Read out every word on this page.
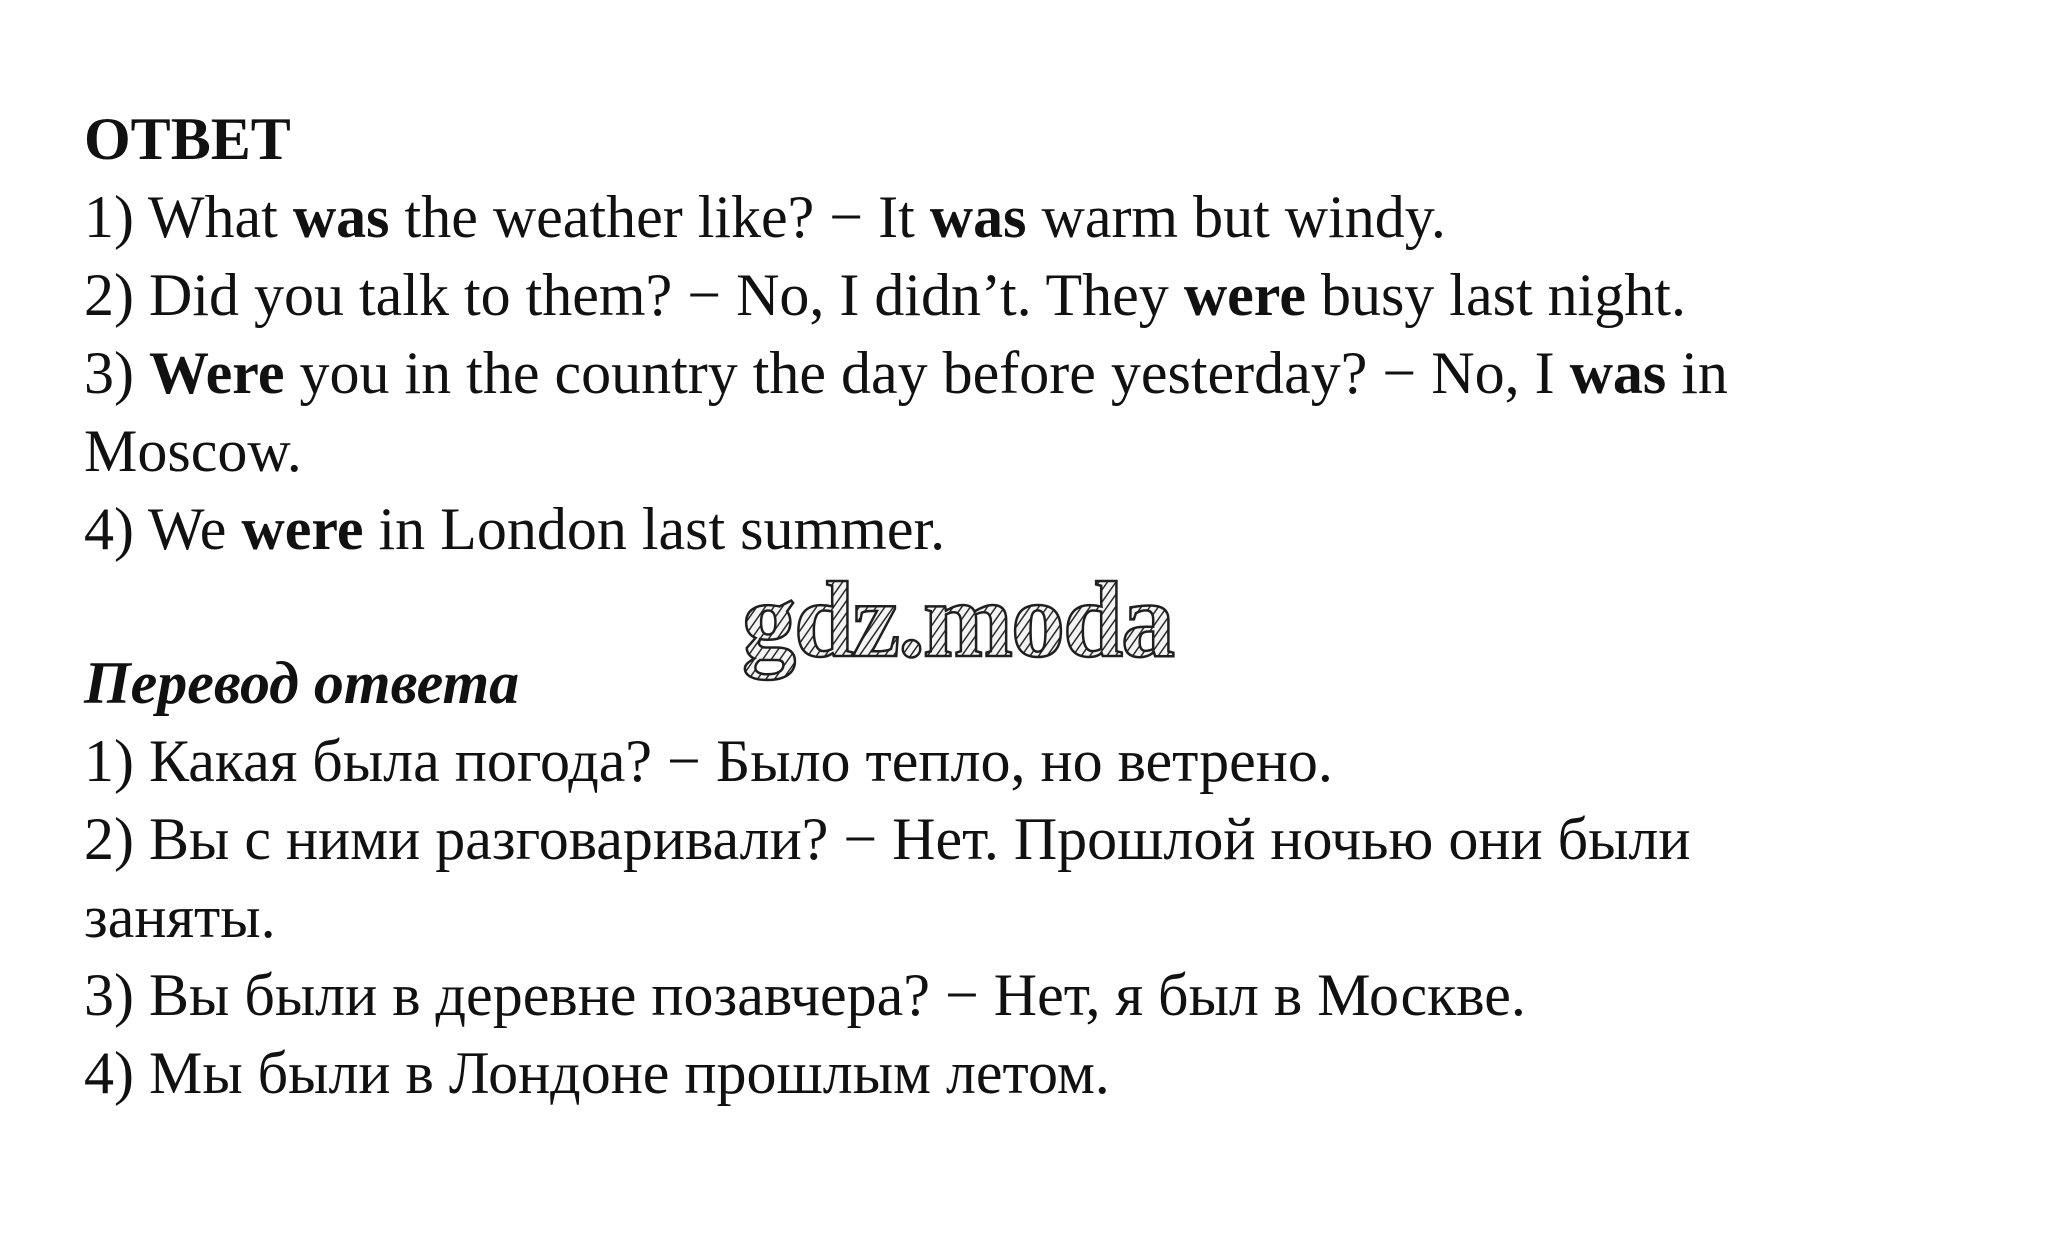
ОТВЕТ
1) What was the weather like? − It was warm but windy.
2) Did you talk to them? − No, I didn’t. They were busy last night.
3) Were you in the country the day before yesterday? − No, I was in
Moscow.
4) We were in London last summer.
Перевод ответа
1) Какая была погода? − Было тепло, но ветрено.
2) Вы с ними разговаривали? − Нет. Прошлой ночью они были
заняты.
3) Вы были в деревне позавчера? − Нет, я был в Москве.
4) Мы были в Лондоне прошлым летом.
gdz.moda
